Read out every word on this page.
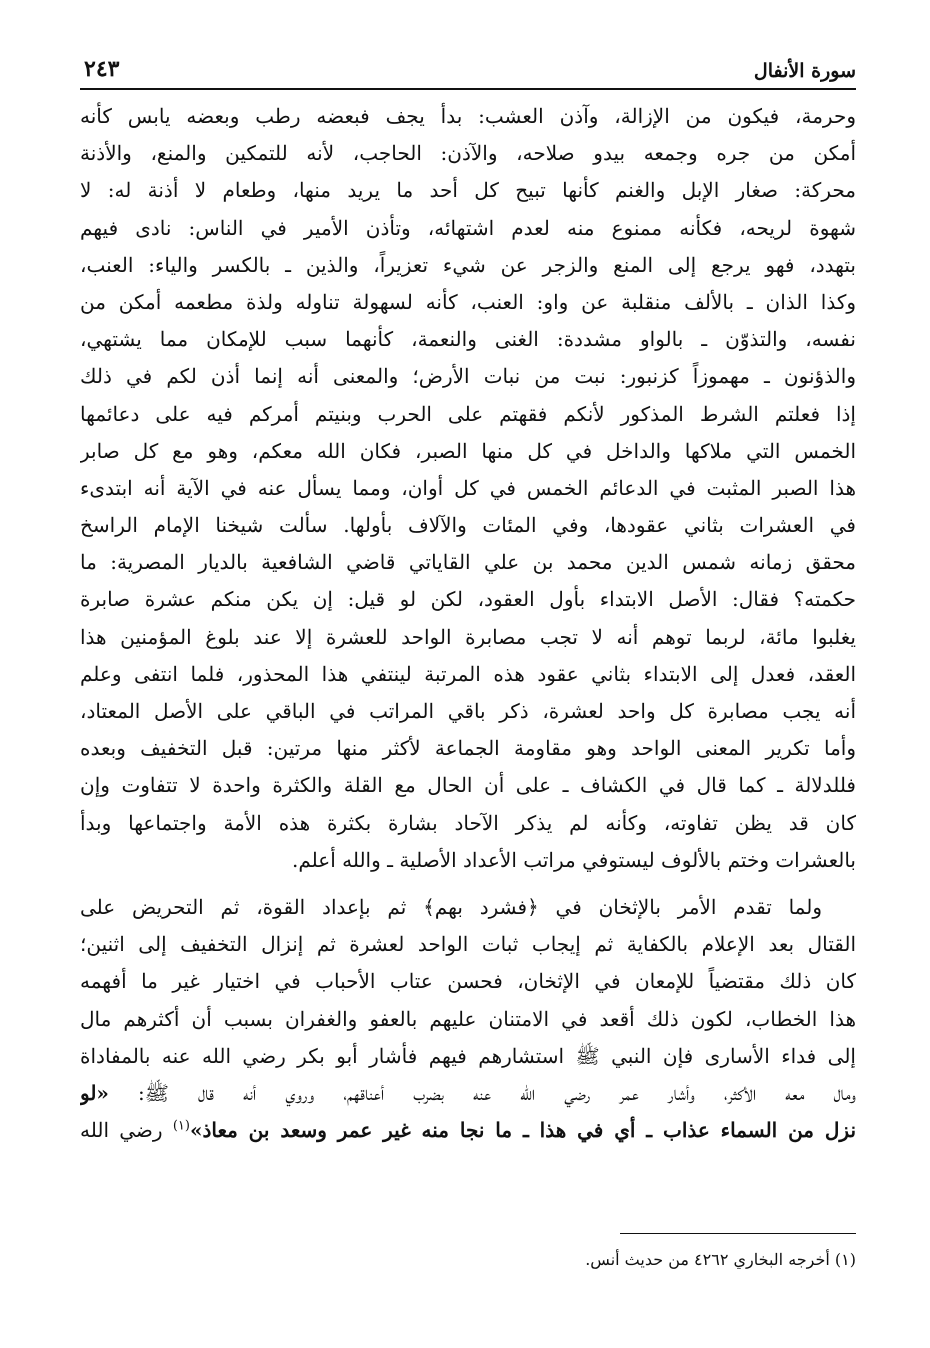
سورة الأنفال
٢٤٣
وحرمة، فيكون من الإزالة، وآذن العشب: بدأ يجف فبعضه رطب وبعضه يابس كأنه
أمكن من جره وجمعه بيدو صلاحه، والآذن: الحاجب، لأنه للتمكين والمنع، والأذنة
محركة: صغار الإبل والغنم كأنها تبيح كل أحد ما يريد منها، وطعام لا أذنة له: لا
شهوة لريحه، فكأنه ممنوع منه لعدم اشتهائه، وتأذن الأمير في الناس: نادى فيهم
بتهدد، فهو يرجع إلى المنع والزجر عن شيء تعزيراً، والذين ـ بالكسر والياء: العنب،
وكذا الذان ـ بالألف منقلبة عن واو: العنب، كأنه لسهولة تناوله ولذة مطعمه أمكن من
نفسه، والتذوّن ـ بالواو مشددة: الغنى والنعمة، كأنهما سبب للإمكان مما يشتهي،
والذؤنون ـ مهموزاً كزنبور: نبت من نبات الأرض؛ والمعنى أنه إنما أذن لكم في ذلك
إذا فعلتم الشرط المذكور لأنكم فقهتم على الحرب وبنيتم أمركم فيه على دعائمها
الخمس التي ملاكها والداخل في كل منها الصبر، فكان الله معكم، وهو مع كل صابر
هذا الصبر المثبت في الدعائم الخمس في كل أوان، ومما يسأل عنه في الآية أنه ابتدىء
في العشرات بثاني عقودها، وفي المئات والآلاف بأولها. سألت شيخنا الإمام الراسخ
محقق زمانه شمس الدين محمد بن علي القاياتي قاضي الشافعية بالديار المصرية: ما
حكمته؟ فقال: الأصل الابتداء بأول العقود، لكن لو قيل: إن يكن منكم عشرة صابرة
يغلبوا مائة، لربما توهم أنه لا تجب مصابرة الواحد للعشرة إلا عند بلوغ المؤمنين هذا
العقد، فعدل إلى الابتداء بثاني عقود هذه المرتبة لينتفي هذا المحذور، فلما انتفى وعلم
أنه يجب مصابرة كل واحد لعشرة، ذكر باقي المراتب في الباقي على الأصل المعتاد،
وأما تكرير المعنى الواحد وهو مقاومة الجماعة لأكثر منها مرتين: قبل التخفيف وبعده
فللدلالة ـ كما قال في الكشاف ـ على أن الحال مع القلة والكثرة واحدة لا تتفاوت وإن
كان قد يظن تفاوته، وكأنه لم يذكر الآحاد بشارة بكثرة هذه الأمة واجتماعها وبدأ
بالعشرات وختم بالألوف ليستوفي مراتب الأعداد الأصلية ـ والله أعلم.
ولما تقدم الأمر بالإثخان في ﴿فشرد بهم﴾ ثم بإعداد القوة، ثم التحريض على
القتال بعد الإعلام بالكفاية ثم إيجاب ثبات الواحد لعشرة ثم إنزال التخفيف إلى اثنين؛
كان ذلك مقتضياً للإمعان في الإثخان، فحسن عتاب الأحباب في اختيار غير ما أفهمه
هذا الخطاب، لكون ذلك أقعد في الامتنان عليهم بالعفو والغفران بسبب أن أكثرهم مال
إلى فداء الأسارى فإن النبي ﷺ استشارهم فيهم فأشار أبو بكر رضي الله عنه بالمفاداة
ومال معه الأكثر، وأشار عمر رضي الله عنه بضرب أعناقهم، وروي أنه قال ﷺ: «لو
نزل من السماء عذاب ـ أي في هذا ـ ما نجا منه غير عمر وسعد بن معاذ»$^{(١)}$ رضي الله
(١) أخرجه البخاري ٤٢٦٢ من حديث أنس.
